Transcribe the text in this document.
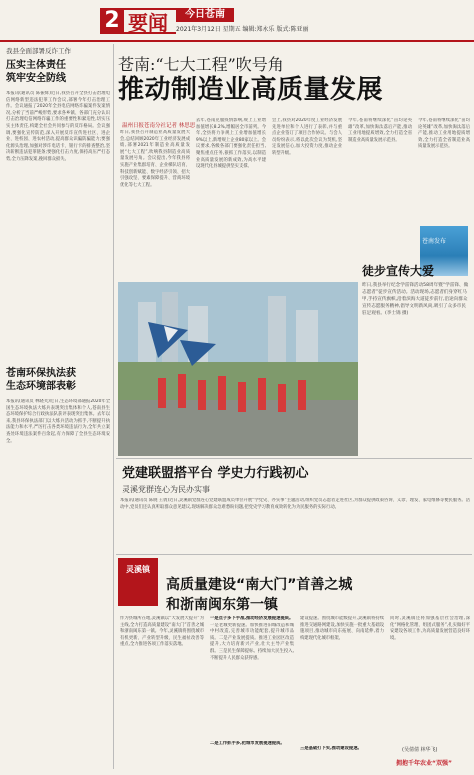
2 要闻	今日苍南
2021年3月12日 星期五 编辑:郑永乐 版式:陈亚丽
我县全面部署反诈工作
压实主体责任
筑牢安全防线
本报讯(通讯员 陈振辉)近日,我县召开全县打击治理电信网络新型违法犯罪工作会议,部署今年打击治理工作。会议通报了2020年全县电信网络诈骗案件发案情况,分析了当前严峻形势,要求各乡镇、各部门充分认识打击治理电信网络诈骗工作的重要性和紧迫性,切实压实主体责任,构建全社会共同参与的反诈格局。会议强调,要强化宣传防范,深入开展反诈宣传进社区、进企业、进校园、进农村活动,提高群众识骗防骗能力;要强化源头治理,加强对涉诈电话卡、银行卡的排查整治,坚决斩断违法犯罪链条;要强化打击力度,保持高压严打态势,全力压降发案,挽回群众损失。
苍南环保执法获
生态环境部表彰
本报讯(通讯员 林晓芙)近日,生态环境部通报2020年全国生态环境执法大练兵表现突出集体和个人,苍南县生态环境保护综合行政执法队获评表现突出集体。去年以来,我县环保执法部门以大练兵活动为抓手,不断提升执法能力和水平,严厉打击各类环境违法行为,全年共立案查处环境违法案件百余起,有力保障了全县生态环境安全。
苍南:“七大工程”吹号角
推动制造业高质量发展
温州日报苍南分社记者 林思思
昨日,我县召开制造业高质量发展大会,总结回顾2020年工业经济发展成绩,部署2021年制造业高质量发展“七大工程”,吹响我县制造业高质量发展号角。会议提出,今年我县将实施产业集群培育、企业梯队培育、科技创新赋能、数字经济引领、招大引强攻坚、要素保障提升、营商环境优化等七大工程。
去年,苍南克服疫情影响,规上工业增加值增长8.2%,增幅居全市前列。今年,全县将力争规上工业增加值增长9%以上,新增规上企业80家以上。会议要求,各级各部门要强化责任担当,聚焦重点任务,狠抓工作落实,以制造业高质量发展的新成效,为高水平建设现代化县城提供坚实支撑。
会上,我县对2020年度工业经济发展先进单位和个人进行了表彰,并与重点企业签订了项目合作协议。与会人员纷纷表示,将以此次会议为契机,坚定发展信心,加大投资力度,推动企业转型升级。
今年,苍南将继续深化“亩均论英雄”改革,加快淘汰落后产能,推动工业用地提质增效,全力打造全省制造业高质量发展示范县。
今年,苍南将继续深化“亩均论英雄”改革,加快淘汰落后产能,推动工业用地提质增效,全力打造全省制造业高质量发展示范县。
苍南发布
徒步宣传大爱
昨日,我县举行纪念学雷锋活动58周年暨“学雷锋、做志愿者”徒步宣传活动。活动现场,志愿者们身穿红马甲,手持宣传旗帜,沿着滨海大道徒步前行,沿途向群众宣传志愿服务精神,倡导文明新风尚,吸引了众多市民驻足观看。(李士锦 摄)
党建联盟搭平台 学史力行践初心
灵溪党群连心为民办实事
本报讯(通讯员 陈晓 王倩)近日,灵溪镇党群连心党建联盟成员单位开展“学党史、办实事”主题活动,组织党员志愿者走进社区,为群众提供政策咨询、义诊、理发、家电维修等便民服务。活动中,党员们还认真听取群众意见建议,现场解决群众急难愁盼问题,把党史学习教育成效转化为为民服务的实际行动。
灵溪镇
高质量建设“南大门”首善之城
和浙南闽东第一镇
作为县城所在地,灵溪镇以“大发展大提升”为主线,全力打造高质量建设“南大门”首善之城和浙南闽东第一镇。今年,灵溪镇将围绕城市有机更新、产业转型升级、民生福祉改善等重点,全力推进各项工作落实落地。
一是点子多下手准,推动经济发展提速提质。
一是老城更新提速。加快推进旧城改造和城中村改造,完善城市功能配套,提升城市品质。二是产业发展提质。推进工业园区改造提升,大力培育新兴产业,壮大主导产业集群。三是民生保障提标。持续加大民生投入,不断提升人民群众获得感。
二是工作抓手多,把城市发展提速提质。
建设提速。围绕城市能级提升,灵溪镇将持续推进交通路网建设,加快实施一批重大基础设施项目,推动城市向东拓展、向南延伸,着力构建现代化城市框架。
三是基础打下实,推动建设提速。
同时,灵溪镇还将加强基层社会治理,深化“网格化管理、组团式服务”,扎实做好平安建设各项工作,为高质量发展营造良好环境。
(吴倩倩 林华飞)
拥抱千年农业“双强”
